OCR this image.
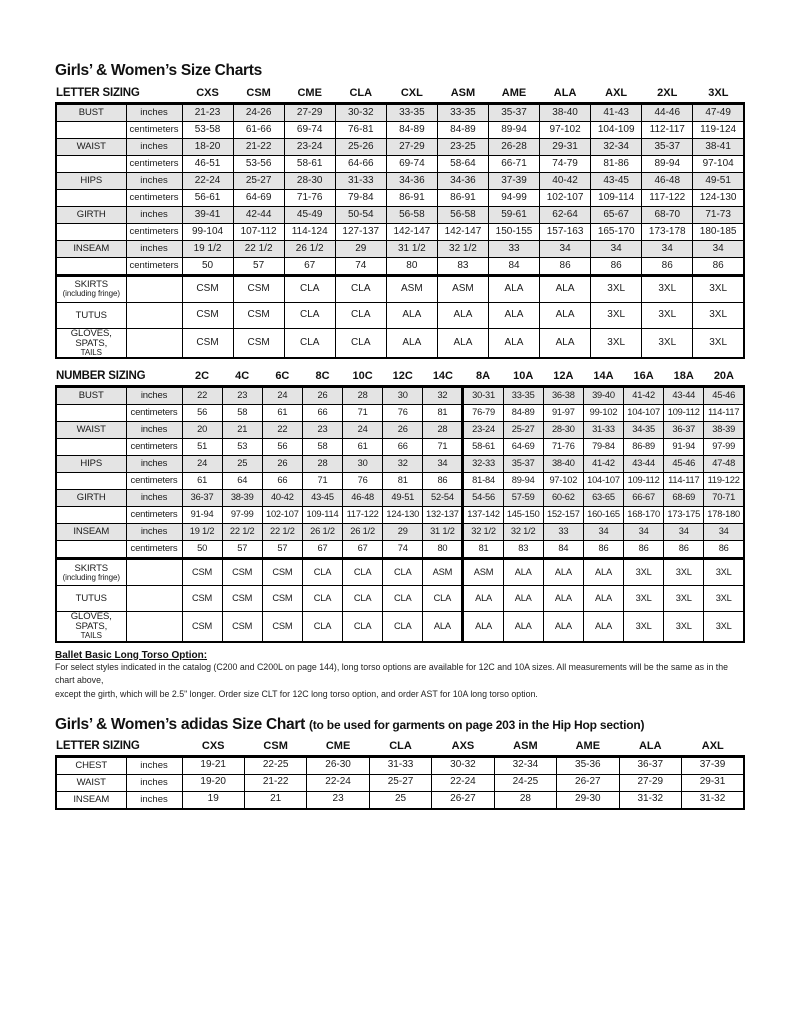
Girls’ & Women’s Size Charts
LETTER SIZING		CXS	CSM	CME	CLA	CXL	ASM	AME	ALA	AXL	2XL	3XL

BUST	inches	21-23	24-26	27-29	30-32	33-35	33-35	35-37	38-40	41-43	44-46	47-49
	centimeters	53-58	61-66	69-74	76-81	84-89	84-89	89-94	97-102	104-109	112-117	119-124

WAIST	inches	18-20	21-22	23-24	25-26	27-29	23-25	26-28	29-31	32-34	35-37	38-41
	centimeters	46-51	53-56	58-61	64-66	69-74	58-64	66-71	74-79	81-86	89-94	97-104

HIPS	inches	22-24	25-27	28-30	31-33	34-36	34-36	37-39	40-42	43-45	46-48	49-51
	centimeters	56-61	64-69	71-76	79-84	86-91	86-91	94-99	102-107	109-114	117-122	124-130

GIRTH	inches	39-41	42-44	45-49	50-54	56-58	56-58	59-61	62-64	65-67	68-70	71-73
	centimeters	99-104	107-112	114-124	127-137	142-147	142-147	150-155	157-163	165-170	173-178	180-185

INSEAM	inches	19 1/2	22 1/2	26 1/2	29	31 1/2	32 1/2	33	34	34	34	34
	centimeters	50	57	67	74	80	83	84	86	86	86	86

SKIRTS
(including fringe)		CSM	CSM	CLA	CLA	ASM	ASM	ALA	ALA	3XL	3XL	3XL

TUTUS		CSM	CSM	CLA	CLA	ALA	ALA	ALA	ALA	3XL	3XL	3XL

GLOVES, SPATS,
TAILS		CSM	CSM	CLA	CLA	ALA	ALA	ALA	ALA	3XL	3XL	3XL
NUMBER SIZING		2C	4C	6C	8C	10C	12C	14C	8A	10A	12A	14A	16A	18A	20A

BUST	inches	22	23	24	26	28	30	32	30-31	33-35	36-38	39-40	41-42	43-44	45-46
	centimeters	56	58	61	66	71	76	81	76-79	84-89	91-97	99-102	104-107	109-112	114-117

WAIST	inches	20	21	22	23	24	26	28	23-24	25-27	28-30	31-33	34-35	36-37	38-39
	centimeters	51	53	56	58	61	66	71	58-61	64-69	71-76	79-84	86-89	91-94	97-99

HIPS	inches	24	25	26	28	30	32	34	32-33	35-37	38-40	41-42	43-44	45-46	47-48
	centimeters	61	64	66	71	76	81	86	81-84	89-94	97-102	104-107	109-112	114-117	119-122

GIRTH	inches	36-37	38-39	40-42	43-45	46-48	49-51	52-54	54-56	57-59	60-62	63-65	66-67	68-69	70-71
	centimeters	91-94	97-99	102-107	109-114	117-122	124-130	132-137	137-142	145-150	152-157	160-165	168-170	173-175	178-180

INSEAM	inches	19 1/2	22 1/2	22 1/2	26 1/2	26 1/2	29	31 1/2	32 1/2	32 1/2	33	34	34	34	34
	centimeters	50	57	57	67	67	74	80	81	83	84	86	86	86	86

SKIRTS
(including fringe)		CSM	CSM	CSM	CLA	CLA	CLA	ASM	ASM	ALA	ALA	ALA	3XL	3XL	3XL

TUTUS		CSM	CSM	CSM	CLA	CLA	CLA	CLA	ALA	ALA	ALA	ALA	3XL	3XL	3XL

GLOVES, SPATS,
TAILS		CSM	CSM	CSM	CLA	CLA	CLA	ALA	ALA	ALA	ALA	ALA	3XL	3XL	3XL
Ballet Basic Long Torso Option:
For select styles indicated in the catalog (C200 and C200L on page 144), long torso options are available for 12C and 10A sizes. All measurements will be the same as in the chart above,
except the girth, which will be 2.5" longer. Order size CLT for 12C long torso option, and order AST for 10A long torso option.
Girls’ & Women’s adidas Size Chart (to be used for garments on page 203 in the Hip Hop section)
LETTER SIZING		CXS	CSM	CME	CLA	AXS	ASM	AME	ALA	AXL

CHEST	inches	19-21	22-25	26-30	31-33	30-32	32-34	35-36	36-37	37-39

WAIST	inches	19-20	21-22	22-24	25-27	22-24	24-25	26-27	27-29	29-31

INSEAM	inches	19	21	23	25	26-27	28	29-30	31-32	31-32
